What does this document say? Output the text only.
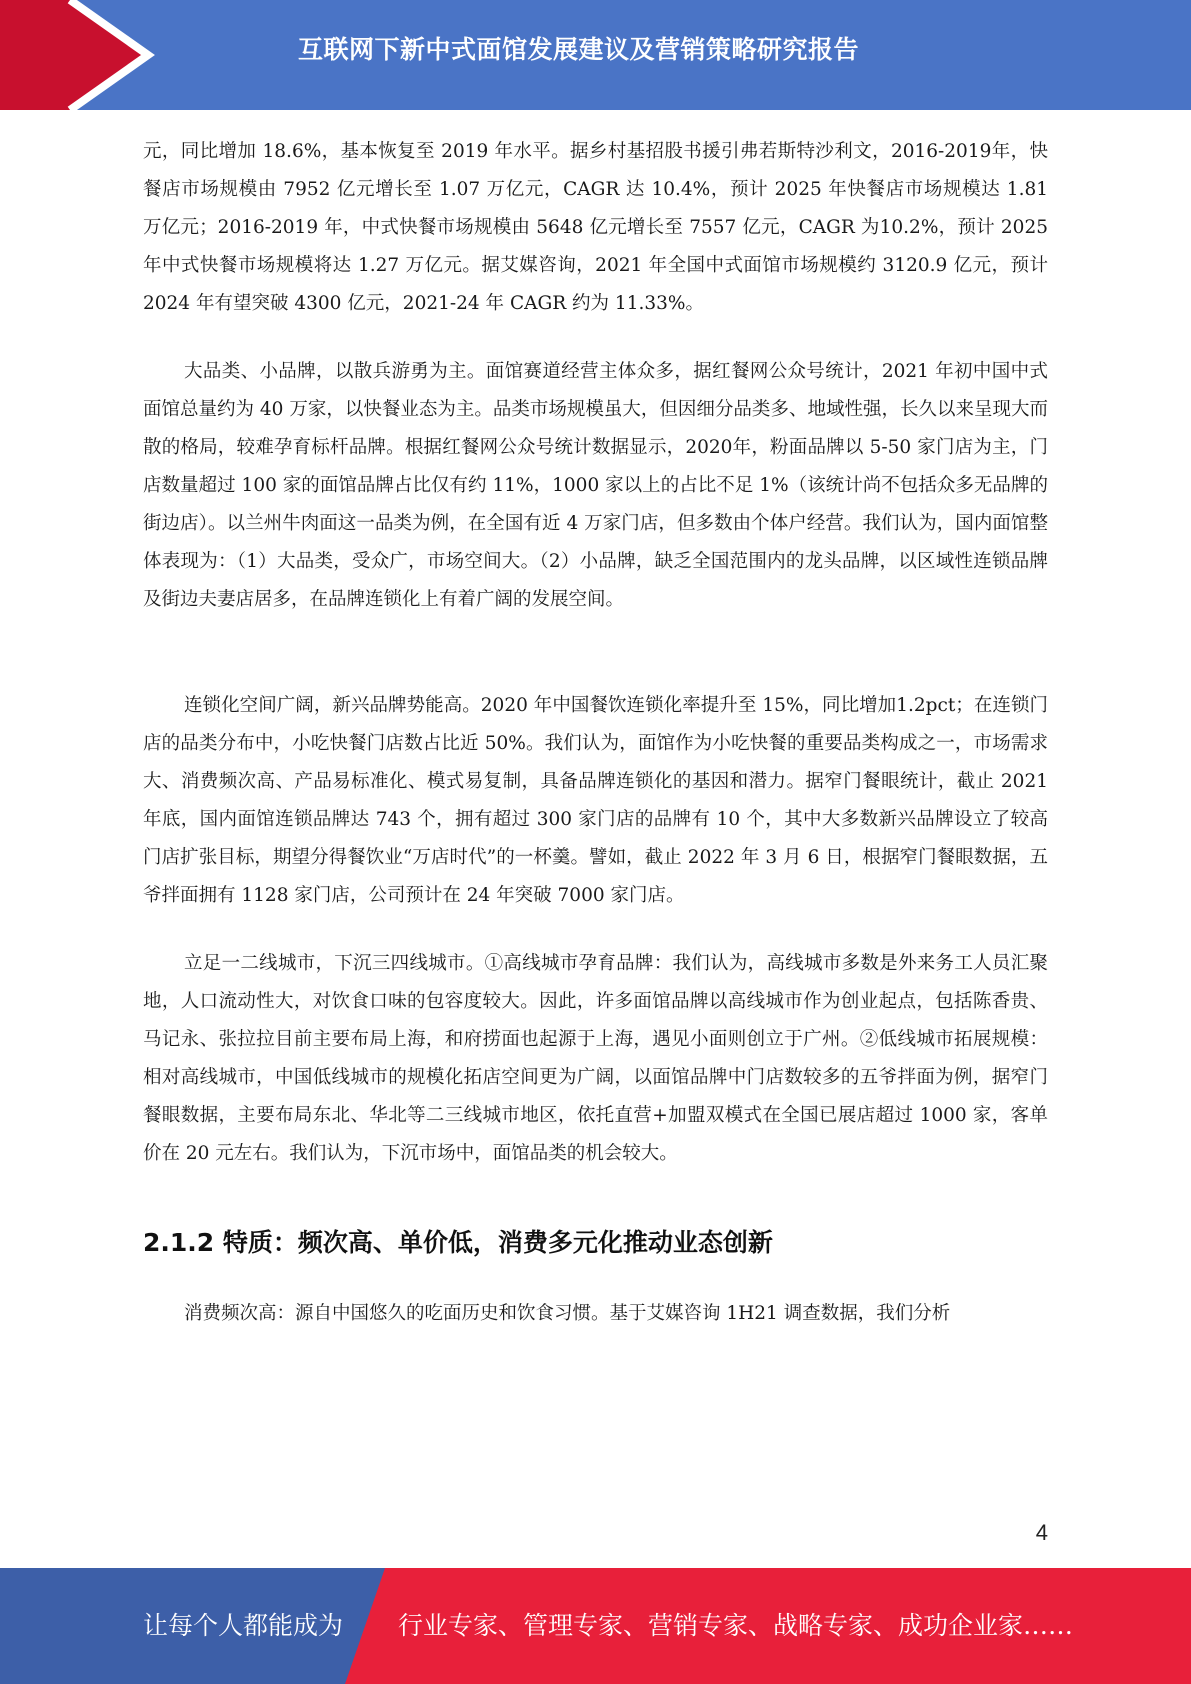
互联网下新中式面馆发展建议及营销策略研究报告

元，同比增加 18.6%，基本恢复至 2019 年水平。据乡村基招股书援引弗若斯特沙利文，2016-2019年，快餐店市场规模由 7952 亿元增长至 1.07 万亿元，CAGR 达 10.4%，预计 2025 年快餐店市场规模达 1.81 万亿元；2016-2019 年，中式快餐市场规模由 5648 亿元增长至 7557 亿元，CAGR 为10.2%，预计 2025 年中式快餐市场规模将达 1.27 万亿元。据艾媒咨询，2021 年全国中式面馆市场规模约 3120.9 亿元，预计 2024 年有望突破 4300 亿元，2021-24 年 CAGR 约为 11.33%。

大品类、小品牌，以散兵游勇为主。面馆赛道经营主体众多，据红餐网公众号统计，2021 年初中国中式面馆总量约为 40 万家，以快餐业态为主。品类市场规模虽大，但因细分品类多、地域性强，长久以来呈现大而散的格局，较难孕育标杆品牌。根据红餐网公众号统计数据显示，2020年，粉面品牌以 5-50 家门店为主，门店数量超过 100 家的面馆品牌占比仅有约 11%，1000 家以上的占比不足 1%（该统计尚不包括众多无品牌的街边店）。以兰州牛肉面这一品类为例，在全国有近 4 万家门店，但多数由个体户经营。我们认为，国内面馆整体表现为：（1）大品类，受众广，市场空间大。（2）小品牌，缺乏全国范围内的龙头品牌，以区域性连锁品牌及街边夫妻店居多，在品牌连锁化上有着广阔的发展空间。

连锁化空间广阔，新兴品牌势能高。2020 年中国餐饮连锁化率提升至 15%，同比增加1.2pct；在连锁门店的品类分布中，小吃快餐门店数占比近 50%。我们认为，面馆作为小吃快餐的重要品类构成之一，市场需求大、消费频次高、产品易标准化、模式易复制，具备品牌连锁化的基因和潜力。据窄门餐眼统计，截止 2021 年底，国内面馆连锁品牌达 743 个，拥有超过 300 家门店的品牌有 10 个，其中大多数新兴品牌设立了较高门店扩张目标，期望分得餐饮业“万店时代”的一杯羹。譬如，截止 2022 年 3 月 6 日，根据窄门餐眼数据，五爷拌面拥有 1128 家门店，公司预计在 24 年突破 7000 家门店。

立足一二线城市，下沉三四线城市。①高线城市孕育品牌：我们认为，高线城市多数是外来务工人员汇聚地，人口流动性大，对饮食口味的包容度较大。因此，许多面馆品牌以高线城市作为创业起点，包括陈香贵、马记永、张拉拉目前主要布局上海，和府捞面也起源于上海，遇见小面则创立于广州。②低线城市拓展规模：相对高线城市，中国低线城市的规模化拓店空间更为广阔，以面馆品牌中门店数较多的五爷拌面为例，据窄门餐眼数据，主要布局东北、华北等二三线城市地区，依托直营+加盟双模式在全国已展店超过 1000 家，客单价在 20 元左右。我们认为，下沉市场中，面馆品类的机会较大。

2.1.2 特质：频次高、单价低，消费多元化推动业态创新

消费频次高：源自中国悠久的吃面历史和饮食习惯。基于艾媒咨询 1H21 调查数据，我们分析

4
让每个人都能成为 行业专家、管理专家、营销专家、战略专家、成功企业家……
